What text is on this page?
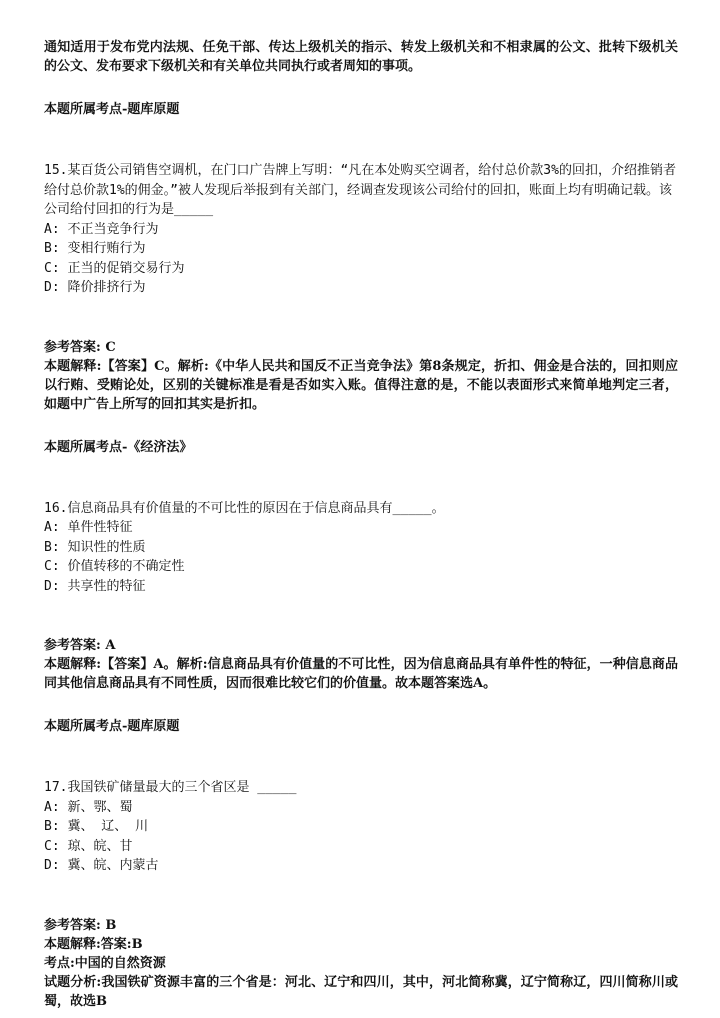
通知适用于发布党内法规、任免干部、传达上级机关的指示、转发上级机关和不相隶属的公文、批转下级机关的公文、发布要求下级机关和有关单位共同执行或者周知的事项。

本题所属考点-题库原题

15.某百货公司销售空调机，在门口广告牌上写明：“凡在本处购买空调者，给付总价款3%的回扣，介绍推销者给付总价款1%的佣金。”被人发现后举报到有关部门，经调查发现该公司给付的回扣，账面上均有明确记载。该公司给付回扣的行为是_____

A: 不正当竞争行为

B: 变相行贿行为

C: 正当的促销交易行为

D: 降价排挤行为

参考答案: C

本题解释:【答案】C。解析:《中华人民共和国反不正当竞争法》第8条规定，折扣、佣金是合法的，回扣则应以行贿、受贿论处，区别的关键标准是看是否如实入账。值得注意的是，不能以表面形式来简单地判定三者，如题中广告上所写的回扣其实是折扣。

本题所属考点-《经济法》

16.信息商品具有价值量的不可比性的原因在于信息商品具有_____。

A: 单件性特征

B: 知识性的性质

C: 价值转移的不确定性

D: 共享性的特征

参考答案: A

本题解释:【答案】A。解析:信息商品具有价值量的不可比性，因为信息商品具有单件性的特征，一种信息商品同其他信息商品具有不同性质，因而很难比较它们的价值量。故本题答案选A。

本题所属考点-题库原题

17.我国铁矿储量最大的三个省区是 _____

A: 新、鄂、蜀

B: 冀、 辽、 川

C: 琼、皖、甘

D: 冀、皖、内蒙古

参考答案: B

本题解释:答案:B

考点:中国的自然资源

试题分析:我国铁矿资源丰富的三个省是：河北、辽宁和四川，其中，河北简称冀，辽宁简称辽，四川简称川或蜀，故选B
